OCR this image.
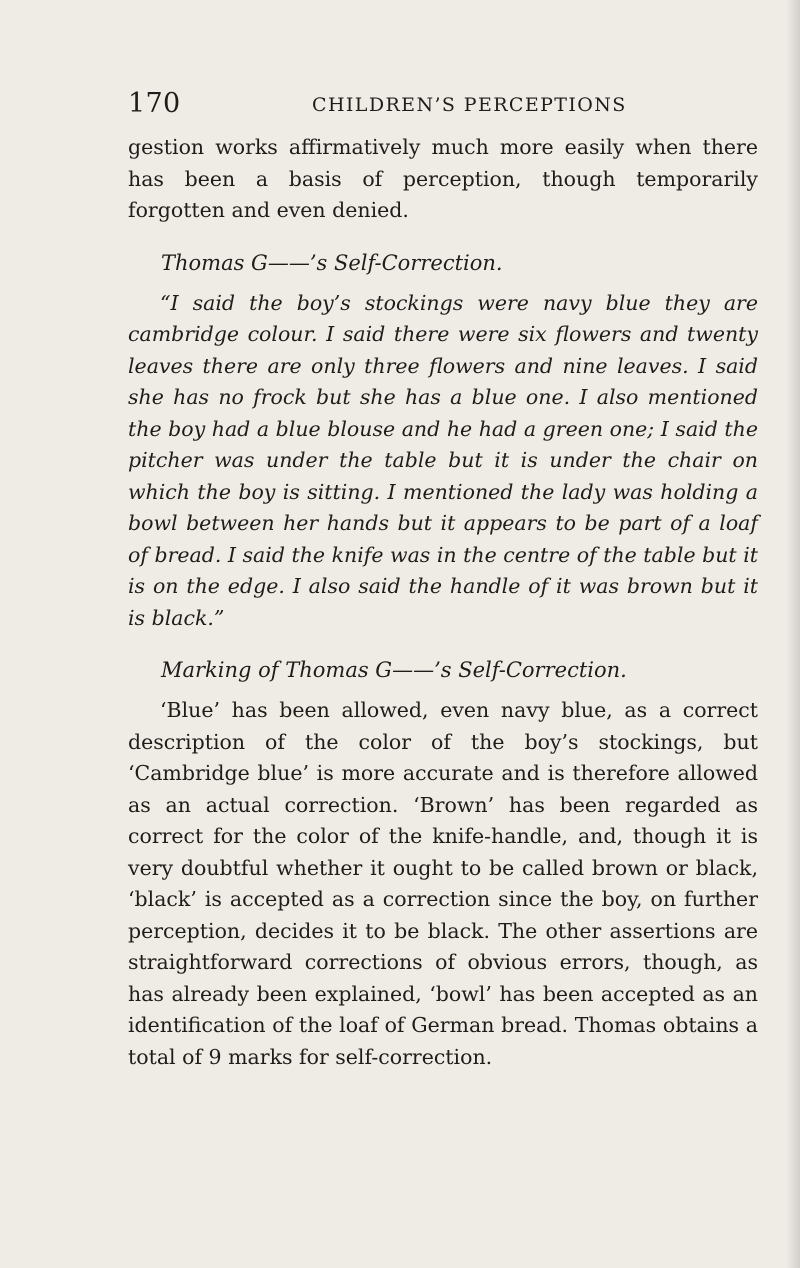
170	CHILDREN’S PERCEPTIONS

gestion works affirmatively much more easily when there has been a basis of perception, though temporarily forgotten and even denied.

Thomas G——’s Self-Correction.

“I said the boy’s stockings were navy blue they are cambridge colour. I said there were six flowers and twenty leaves there are only three flowers and nine leaves. I said she has no frock but she has a blue one. I also mentioned the boy had a blue blouse and he had a green one; I said the pitcher was under the table but it is under the chair on which the boy is sitting. I mentioned the lady was holding a bowl between her hands but it appears to be part of a loaf of bread. I said the knife was in the centre of the table but it is on the edge. I also said the handle of it was brown but it is black.”

Marking of Thomas G——’s Self-Correction.

‘Blue’ has been allowed, even navy blue, as a correct description of the color of the boy’s stockings, but ‘Cambridge blue’ is more accurate and is therefore allowed as an actual correction. ‘Brown’ has been regarded as correct for the color of the knife-handle, and, though it is very doubtful whether it ought to be called brown or black, ‘black’ is accepted as a correction since the boy, on further perception, decides it to be black. The other assertions are straightforward corrections of obvious errors, though, as has already been explained, ‘bowl’ has been accepted as an identification of the loaf of German bread. Thomas obtains a total of 9 marks for self-correction.
